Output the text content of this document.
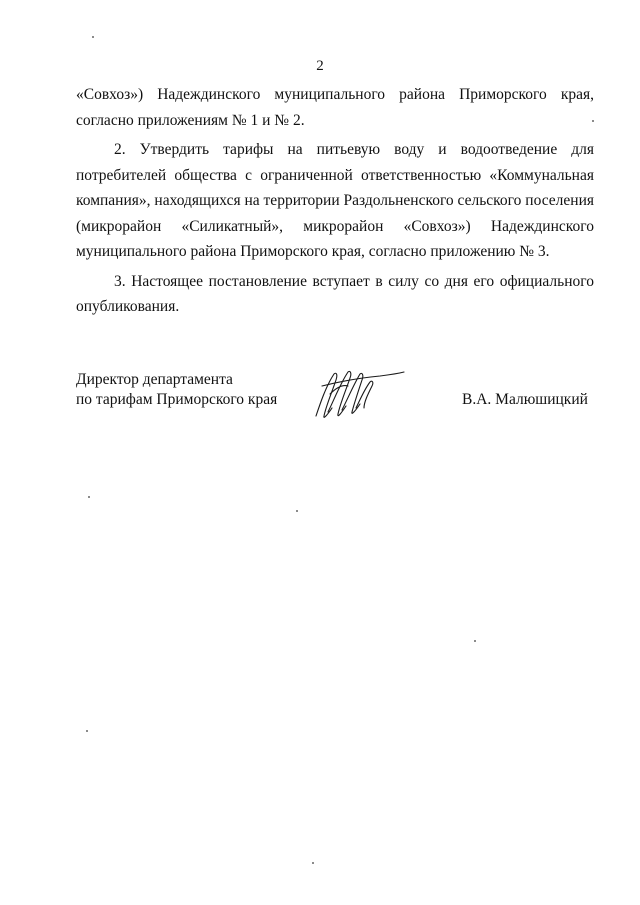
2

«Совхоз») Надеждинского муниципального района Приморского края,
согласно приложениям № 1 и № 2.

2. Утвердить тарифы на питьевую воду и водоотведение для
потребителей общества с ограниченной ответственностью «Коммунальная
компания», находящихся на территории Раздольненского сельского поселения
(микрорайон «Силикатный», микрорайон «Совхоз») Надеждинского
муниципального района Приморского края, согласно приложению № 3.

3. Настоящее постановление вступает в силу со дня его официального
опубликования.

Директор департамента
по тарифам Приморского края	В.А. Малюшицкий
